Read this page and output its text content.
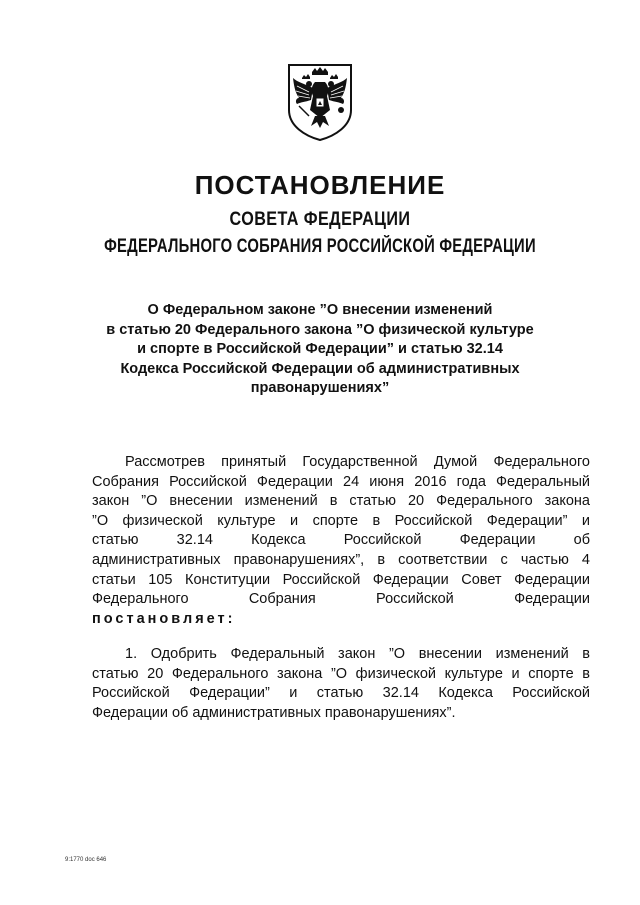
ПОСТАНОВЛЕНИЕ
СОВЕТА ФЕДЕРАЦИИ
ФЕДЕРАЛЬНОГО СОБРАНИЯ РОССИЙСКОЙ ФЕДЕРАЦИИ
О Федеральном законе ”О внесении изменений
в статью 20 Федерального закона ”О физической культуре
и спорте в Российской Федерации” и статью 32.14
Кодекса Российской Федерации об административных
правонарушениях”
Рассмотрев принятый Государственной Думой Федерального
Собрания Российской Федерации 24 июня 2016 года Федеральный
закон ”О внесении изменений в статью 20 Федерального закона
”О физической культуре и спорте в Российской Федерации” и
статью 32.14 Кодекса Российской Федерации об
административных правонарушениях”, в соответствии с частью 4
статьи 105 Конституции Российской Федерации Совет Федерации
Федерального Собрания Российской Федерации
постановляет:
1. Одобрить Федеральный закон ”О внесении изменений в
статью 20 Федерального закона ”О физической культуре и спорте в
Российской Федерации” и статью 32.14 Кодекса Российской
Федерации об административных правонарушениях”.
9:1770 doc 646
